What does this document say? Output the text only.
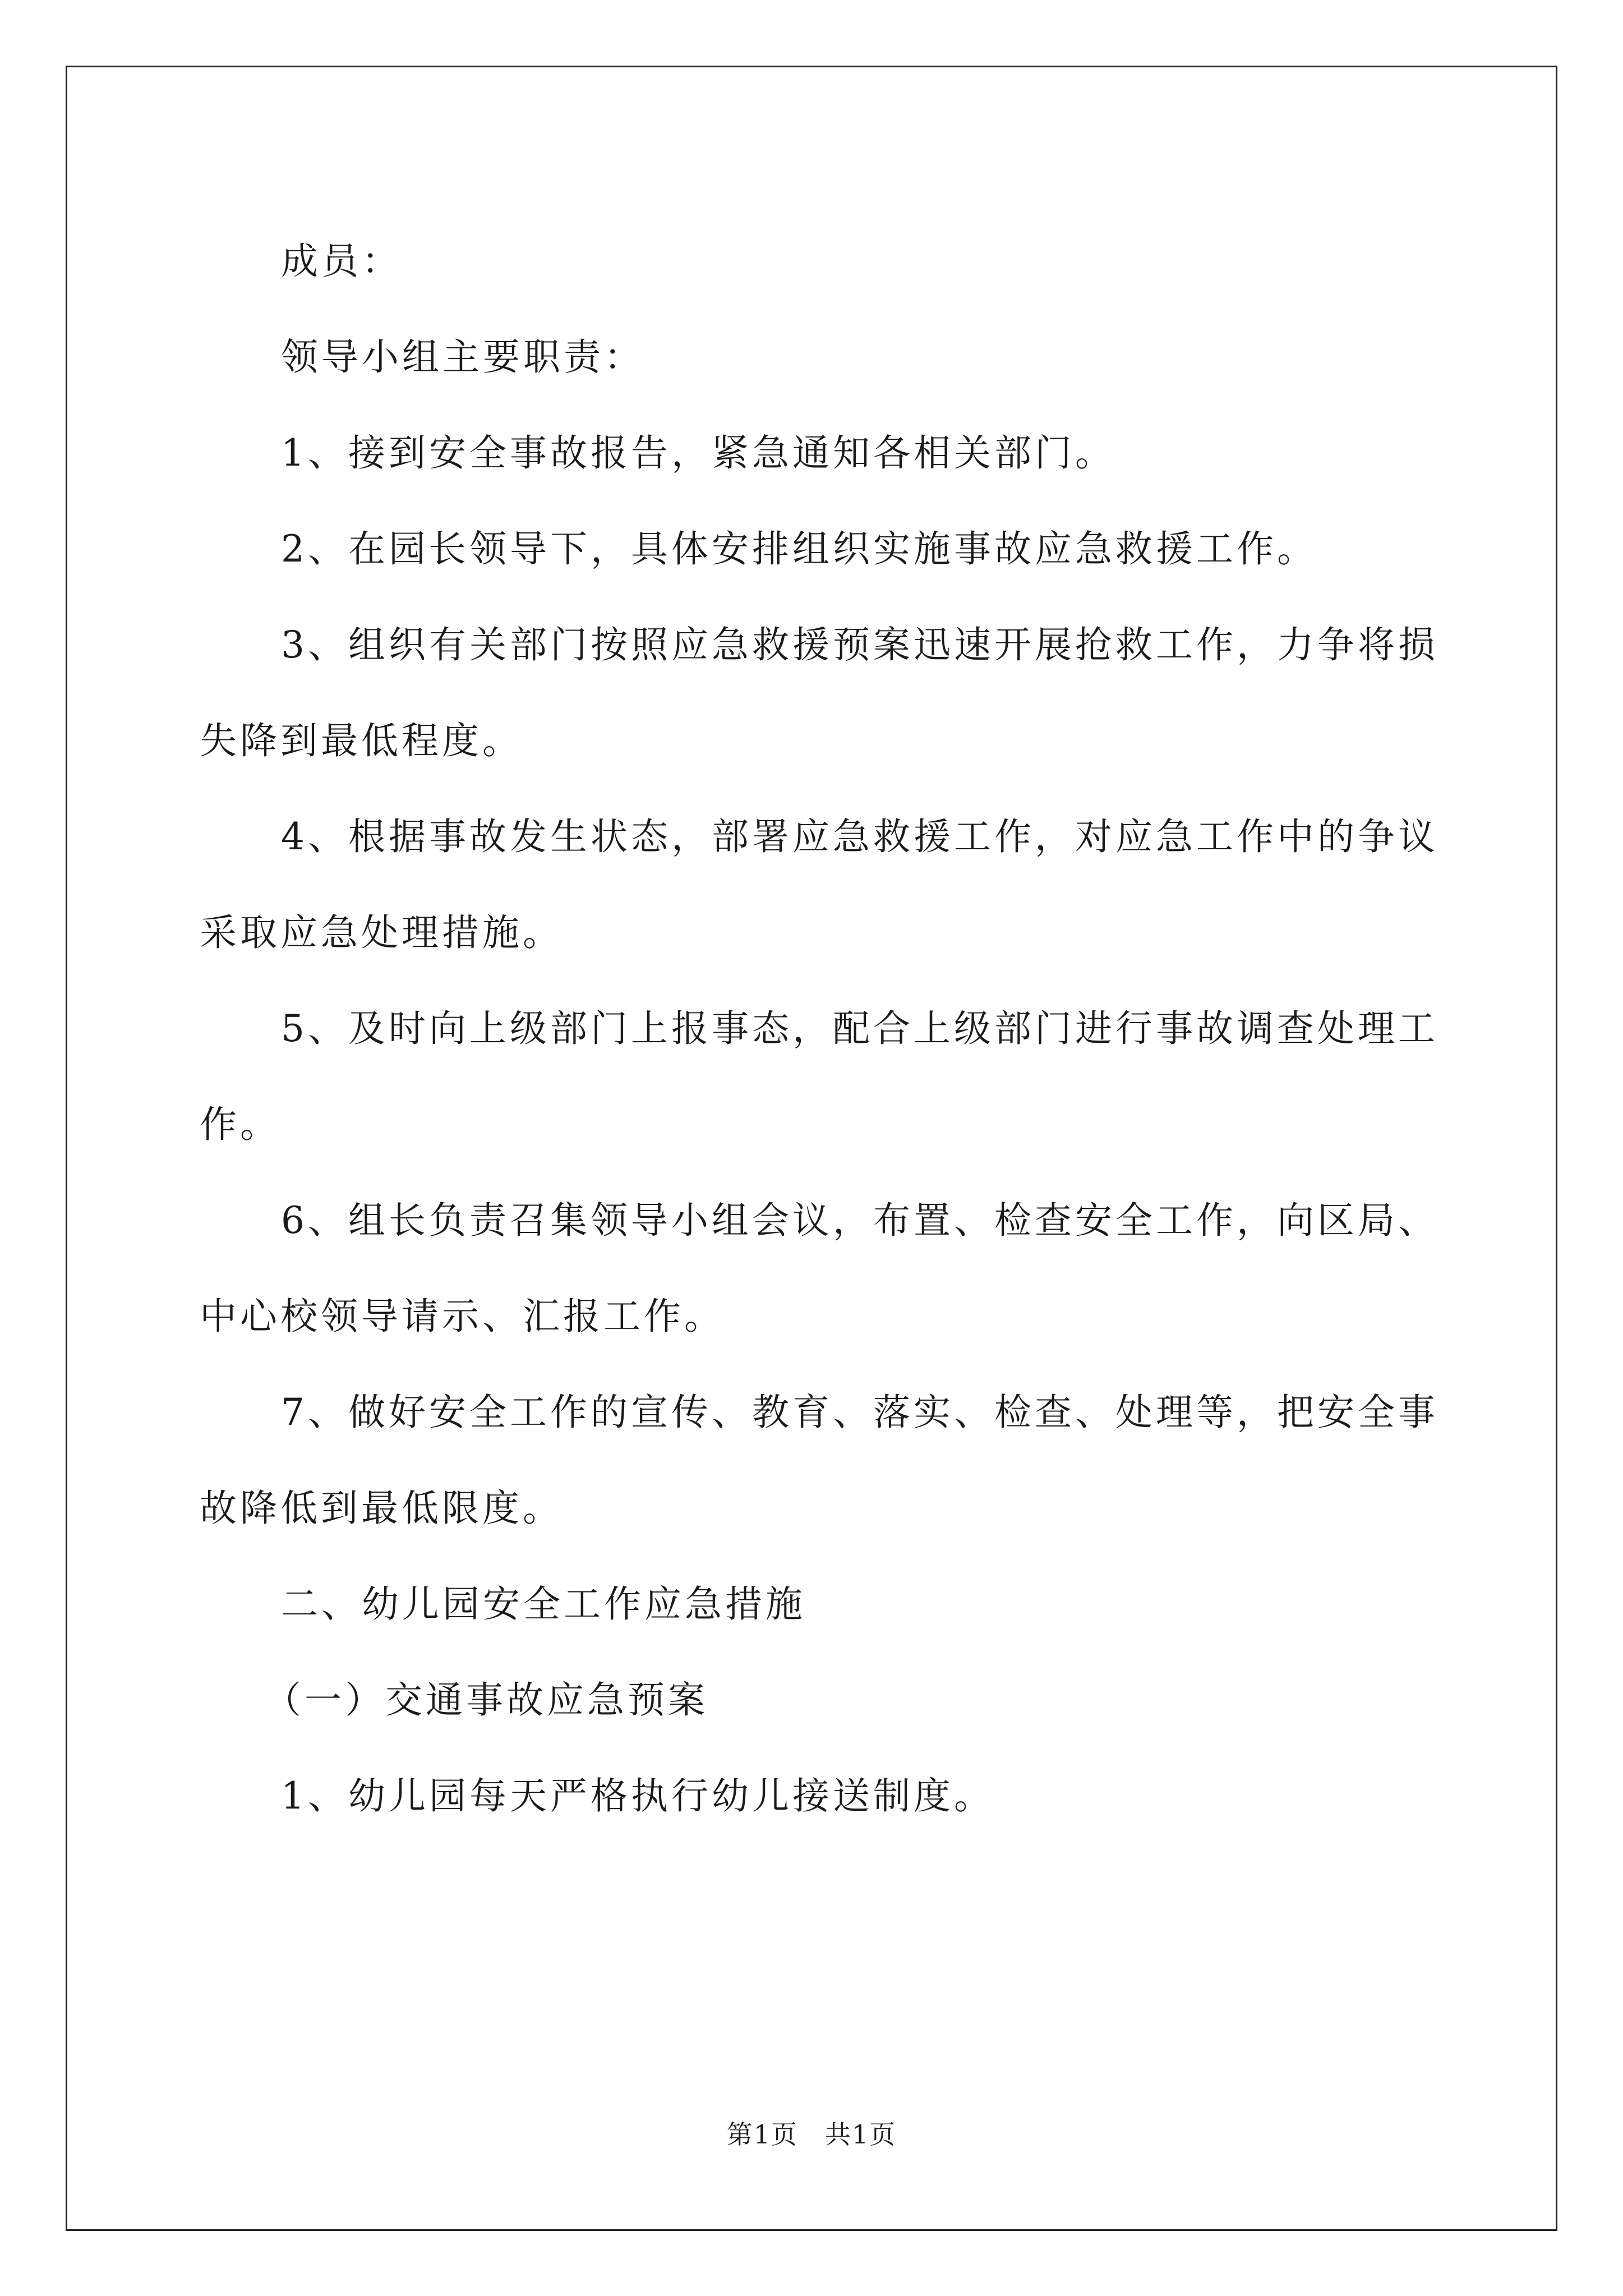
成员：

领导小组主要职责：

1、接到安全事故报告，紧急通知各相关部门。

2、在园长领导下，具体安排组织实施事故应急救援工作。

3、组织有关部门按照应急救援预案迅速开展抢救工作，力争将损失降到最低程度。

4、根据事故发生状态，部署应急救援工作，对应急工作中的争议采取应急处理措施。

5、及时向上级部门上报事态，配合上级部门进行事故调查处理工作。

6、组长负责召集领导小组会议，布置、检查安全工作，向区局、中心校领导请示、汇报工作。

7、做好安全工作的宣传、教育、落实、检查、处理等，把安全事故降低到最低限度。

二、幼儿园安全工作应急措施

（一）交通事故应急预案

1、幼儿园每天严格执行幼儿接送制度。

第1页　共1页
